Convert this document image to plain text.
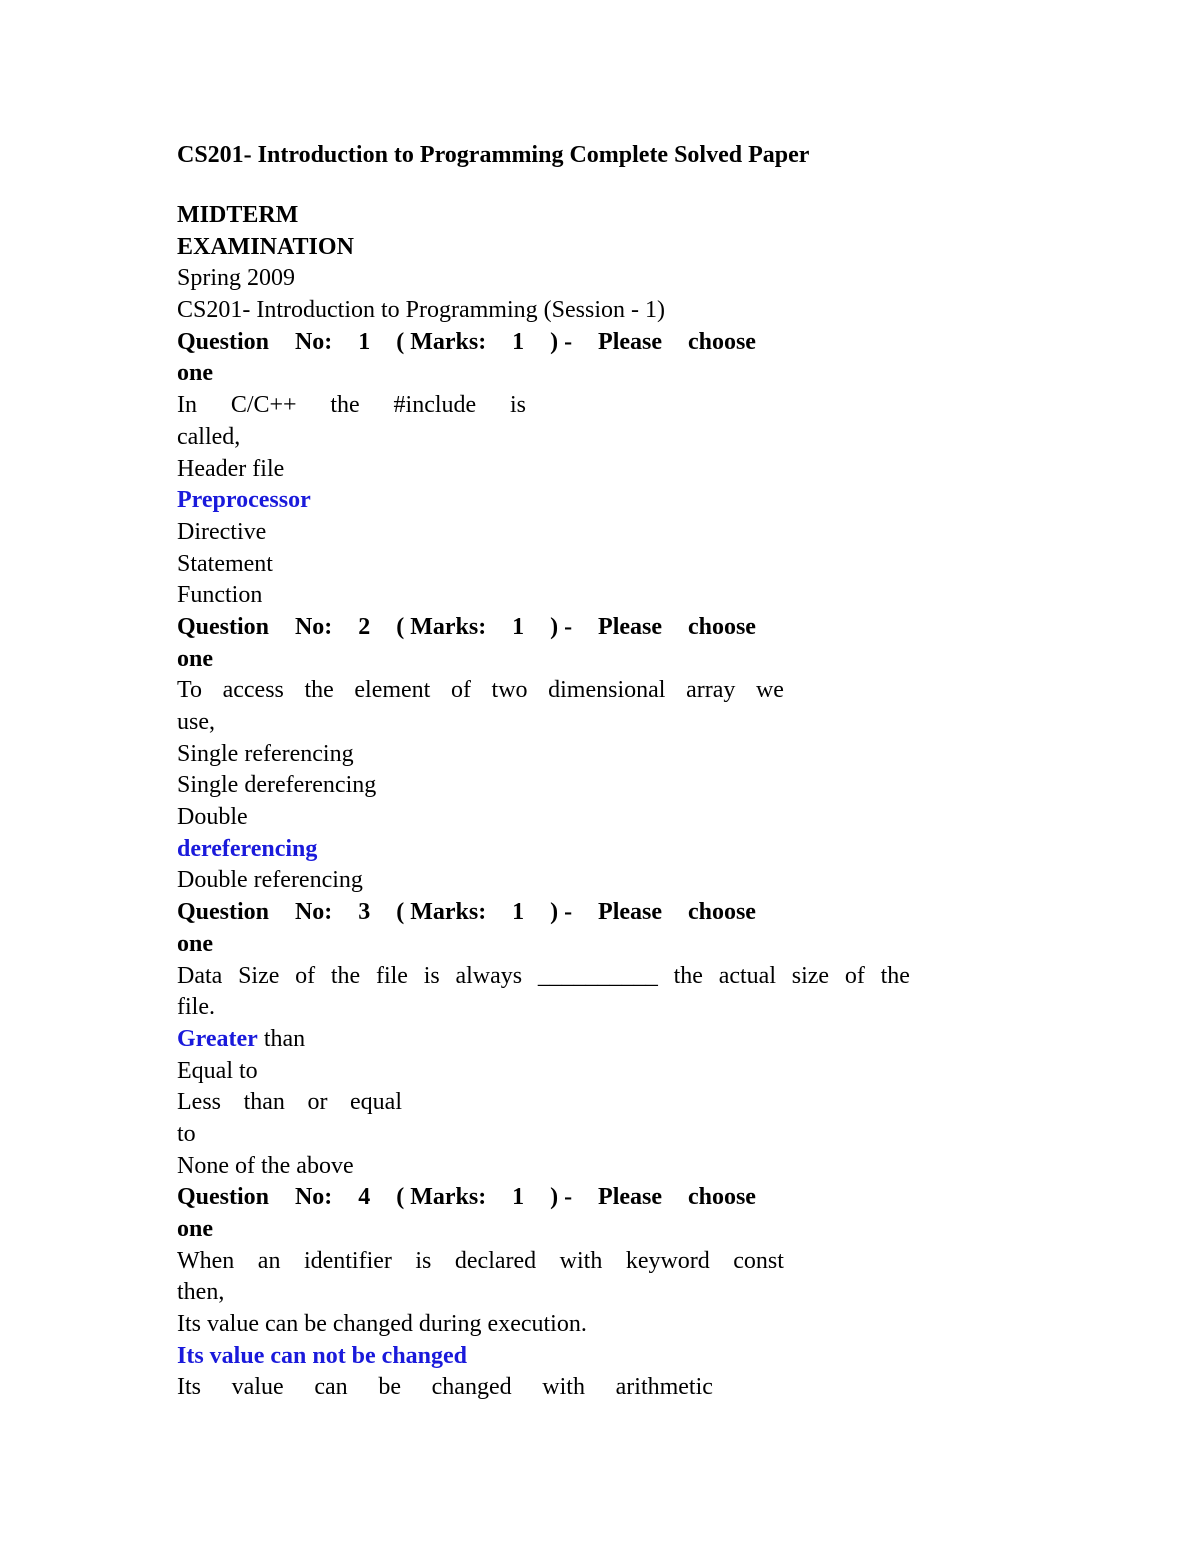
CS201- Introduction to Programming Complete Solved Paper
MIDTERM
EXAMINATION
Spring 2009
CS201- Introduction to Programming (Session - 1)
Question No: 1 ( Marks: 1 ) - Please choose
one
In C/C++ the #include is
called,
Header file
Preprocessor
Directive
Statement
Function
Question No: 2 ( Marks: 1 ) - Please choose
one
To access the element of two dimensional array we
use,
Single referencing
Single dereferencing
Double
dereferencing
Double referencing
Question No: 3 ( Marks: 1 ) - Please choose
one
Data Size of the file is always __________ the actual size of the
file.
Greater than
Equal to
Less than or equal
to
None of the above
Question No: 4 ( Marks: 1 ) - Please choose
one
When an identifier is declared with keyword const
then,
Its value can be changed during execution.
Its value can not be changed
Its value can be changed with arithmetic
